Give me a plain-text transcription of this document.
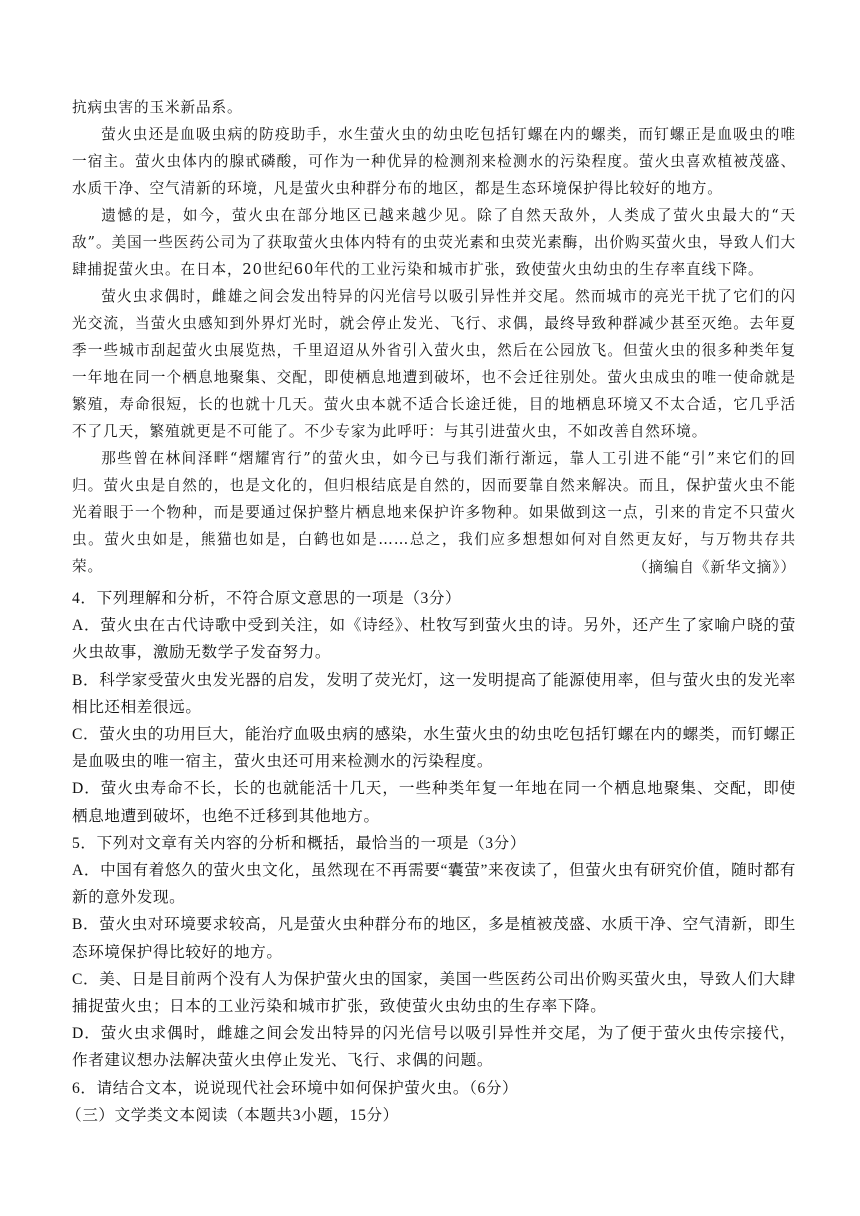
抗病虫害的玉米新品系。

萤火虫还是血吸虫病的防疫助手，水生萤火虫的幼虫吃包括钉螺在内的螺类，而钉螺正是血吸虫的唯一宿主。萤火虫体内的腺甙磷酸，可作为一种优异的检测剂来检测水的污染程度。萤火虫喜欢植被茂盛、水质干净、空气清新的环境，凡是萤火虫种群分布的地区，都是生态环境保护得比较好的地方。

遗憾的是，如今，萤火虫在部分地区已越来越少见。除了自然天敌外，人类成了萤火虫最大的“天敌”。美国一些医药公司为了获取萤火虫体内特有的虫荧光素和虫荧光素酶，出价购买萤火虫，导致人们大肆捕捉萤火虫。在日本，20世纪60年代的工业污染和城市扩张，致使萤火虫幼虫的生存率直线下降。

萤火虫求偶时，雌雄之间会发出特异的闪光信号以吸引异性并交尾。然而城市的亮光干扰了它们的闪光交流，当萤火虫感知到外界灯光时，就会停止发光、飞行、求偶，最终导致种群减少甚至灭绝。去年夏季一些城市刮起萤火虫展览热，千里迢迢从外省引入萤火虫，然后在公园放飞。但萤火虫的很多种类年复一年地在同一个栖息地聚集、交配，即使栖息地遭到破坏，也不会迁往别处。萤火虫成虫的唯一使命就是繁殖，寿命很短，长的也就十几天。萤火虫本就不适合长途迁徙，目的地栖息环境又不太合适，它几乎活不了几天，繁殖就更是不可能了。不少专家为此呼吁：与其引进萤火虫，不如改善自然环境。

那些曾在林间泽畔“熠耀宵行”的萤火虫，如今已与我们渐行渐远，靠人工引进不能“引”来它们的回归。萤火虫是自然的，也是文化的，但归根结底是自然的，因而要靠自然来解决。而且，保护萤火虫不能光着眼于一个物种，而是要通过保护整片栖息地来保护许多物种。如果做到这一点，引来的肯定不只萤火虫。萤火虫如是，熊猫也如是，白鹤也如是……总之，我们应多想想如何对自然更友好，与万物共存共荣。	（摘编自《新华文摘》）

4．下列理解和分析，不符合原文意思的一项是（3分）

A．萤火虫在古代诗歌中受到关注，如《诗经》、杜牧写到萤火虫的诗。另外，还产生了家喻户晓的萤火虫故事，激励无数学子发奋努力。

B．科学家受萤火虫发光器的启发，发明了荧光灯，这一发明提高了能源使用率，但与萤火虫的发光率相比还相差很远。

C．萤火虫的功用巨大，能治疗血吸虫病的感染，水生萤火虫的幼虫吃包括钉螺在内的螺类，而钉螺正是血吸虫的唯一宿主，萤火虫还可用来检测水的污染程度。

D．萤火虫寿命不长，长的也就能活十几天，一些种类年复一年地在同一个栖息地聚集、交配，即使栖息地遭到破坏，也绝不迁移到其他地方。

5．下列对文章有关内容的分析和概括，最恰当的一项是（3分）

A．中国有着悠久的萤火虫文化，虽然现在不再需要“囊萤”来夜读了，但萤火虫有研究价值，随时都有新的意外发现。

B．萤火虫对环境要求较高，凡是萤火虫种群分布的地区，多是植被茂盛、水质干净、空气清新，即生态环境保护得比较好的地方。

C．美、日是目前两个没有人为保护萤火虫的国家，美国一些医药公司出价购买萤火虫，导致人们大肆捕捉萤火虫；日本的工业污染和城市扩张，致使萤火虫幼虫的生存率下降。

D．萤火虫求偶时，雌雄之间会发出特异的闪光信号以吸引异性并交尾，为了便于萤火虫传宗接代，作者建议想办法解决萤火虫停止发光、飞行、求偶的问题。

6．请结合文本，说说现代社会环境中如何保护萤火虫。（6分）

（三）文学类文本阅读（本题共3小题，15分）
